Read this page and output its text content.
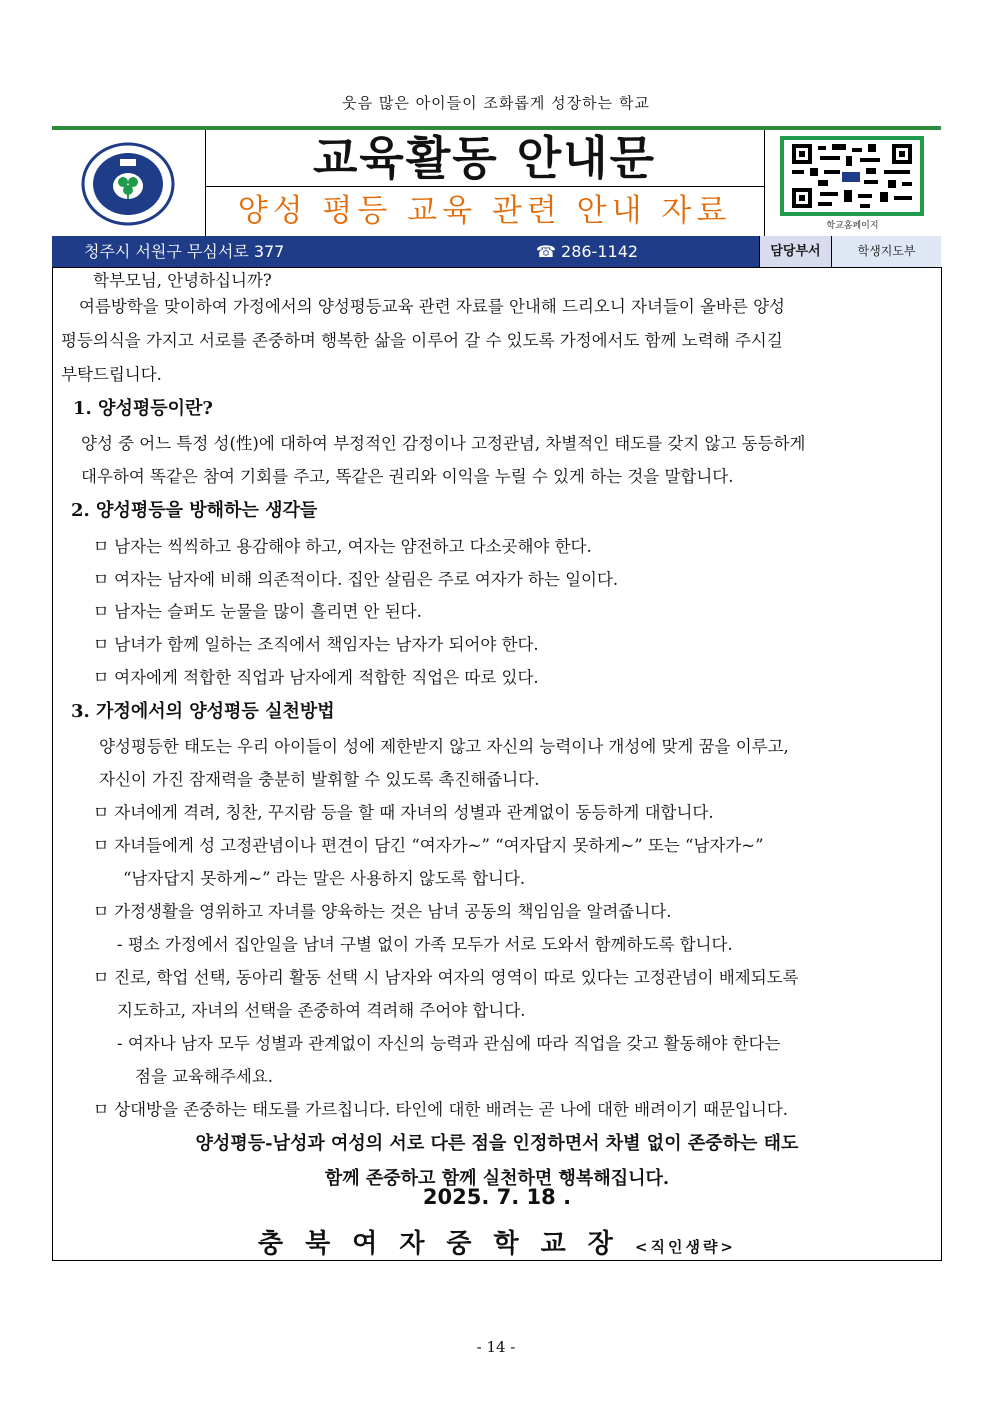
웃음 많은 아이들이 조화롭게 성장하는 학교
교육활동 안내문
양성 평등 교육 관련 안내 자료	학교홈페이지
청주시 서원구 무심서로 377	☎ 286-1142	담당부서	학생지도부
학부모님, 안녕하십니까?
여름방학을 맞이하여 가정에서의 양성평등교육 관련 자료를 안내해 드리오니 자녀들이 올바른 양성
평등의식을 가지고 서로를 존중하며 행복한 삶을 이루어 갈 수 있도록 가정에서도 함께 노력해 주시길
부탁드립니다.
1. 양성평등이란?
양성 중 어느 특정 성(性)에 대하여 부정적인 감정이나 고정관념, 차별적인 태도를 갖지 않고 동등하게
대우하여 똑같은 참여 기회를 주고, 똑같은 권리와 이익을 누릴 수 있게 하는 것을 말합니다.
2. 양성평등을 방해하는 생각들
ㅁ 남자는 씩씩하고 용감해야 하고, 여자는 얌전하고 다소곳해야 한다.
ㅁ 여자는 남자에 비해 의존적이다. 집안 살림은 주로 여자가 하는 일이다.
ㅁ 남자는 슬퍼도 눈물을 많이 흘리면 안 된다.
ㅁ 남녀가 함께 일하는 조직에서 책임자는 남자가 되어야 한다.
ㅁ 여자에게 적합한 직업과 남자에게 적합한 직업은 따로 있다.
3. 가정에서의 양성평등 실천방법
양성평등한 태도는 우리 아이들이 성에 제한받지 않고 자신의 능력이나 개성에 맞게 꿈을 이루고,
자신이 가진 잠재력을 충분히 발휘할 수 있도록 촉진해줍니다.
ㅁ 자녀에게 격려, 칭찬, 꾸지람 등을 할 때 자녀의 성별과 관계없이 동등하게 대합니다.
ㅁ 자녀들에게 성 고정관념이나 편견이 담긴 “여자가~” “여자답지 못하게~” 또는 “남자가~”
“남자답지 못하게~” 라는 말은 사용하지 않도록 합니다.
ㅁ 가정생활을 영위하고 자녀를 양육하는 것은 남녀 공동의 책임임을 알려줍니다.
- 평소 가정에서 집안일을 남녀 구별 없이 가족 모두가 서로 도와서 함께하도록 합니다.
ㅁ 진로, 학업 선택, 동아리 활동 선택 시 남자와 여자의 영역이 따로 있다는 고정관념이 배제되도록
지도하고, 자녀의 선택을 존중하여 격려해 주어야 합니다.
- 여자나 남자 모두 성별과 관계없이 자신의 능력과 관심에 따라 직업을 갖고 활동해야 한다는
점을 교육해주세요.
ㅁ 상대방을 존중하는 태도를 가르칩니다. 타인에 대한 배려는 곧 나에 대한 배려이기 때문입니다.
양성평등-남성과 여성의 서로 다른 점을 인정하면서 차별 없이 존중하는 태도
함께 존중하고 함께 실천하면 행복해집니다.
2025. 7. 18 .
충북여자중학교장<직인생략>
- 14 -
